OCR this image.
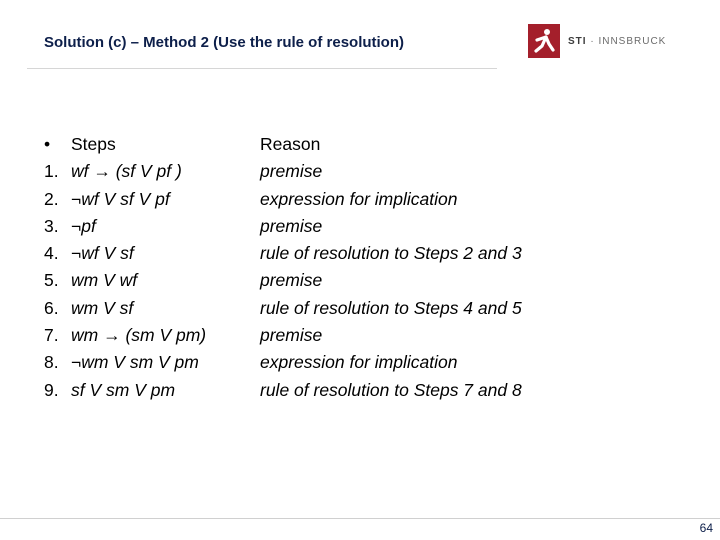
Solution (c) – Method 2 (Use the rule of resolution)	STI · INNSBRUCK
•	Steps	Reason
1. wf → (sf V pf )	premise
2. ¬wf V sf V pf	expression for implication
3. ¬pf	premise
4. ¬wf V sf	rule of resolution to Steps 2 and 3
5. wm V wf	premise
6. wm V sf	rule of resolution to Steps 4 and 5
7. wm → (sm V pm)	premise
8. ¬wm V sm V pm	expression for implication
9. sf V sm V pm	rule of resolution to Steps 7 and 8
64
